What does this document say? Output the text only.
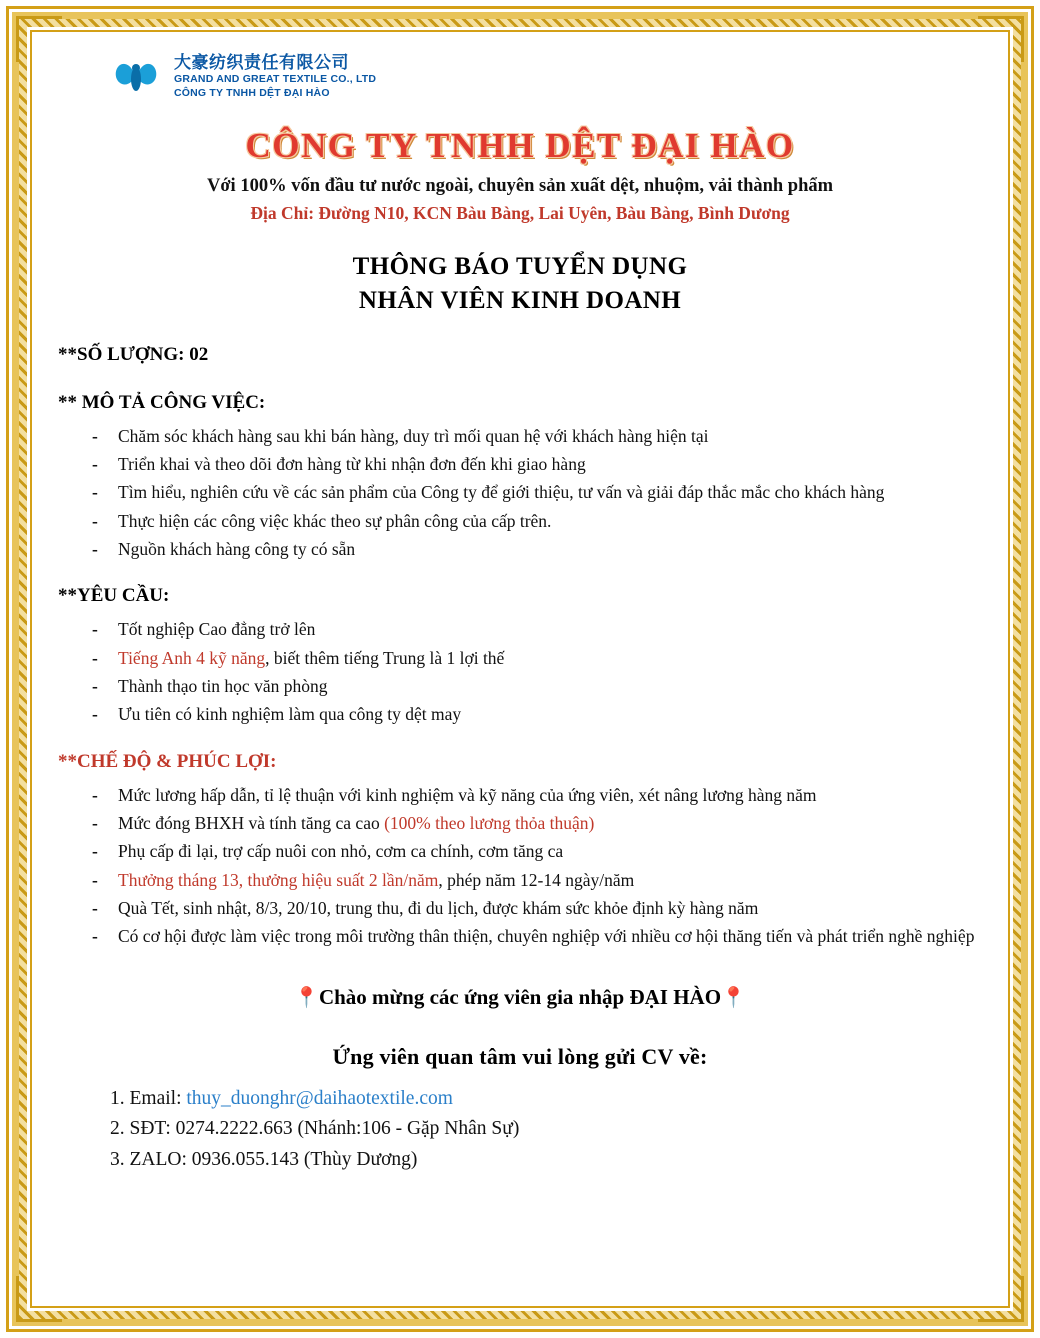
大豪纺织责任有限公司
GRAND AND GREAT TEXTILE CO., LTD
CÔNG TY TNHH DỆT ĐẠI HÀO
CÔNG TY TNHH DỆT ĐẠI HÀO
Với 100% vốn đầu tư nước ngoài, chuyên sản xuất dệt, nhuộm, vải thành phẩm
Địa Chỉ: Đường N10, KCN Bàu Bàng, Lai Uyên, Bàu Bàng, Bình Dương
THÔNG BÁO TUYỂN DỤNG
NHÂN VIÊN KINH DOANH
**SỐ LƯỢNG: 02
** MÔ TẢ CÔNG VIỆC:
- Chăm sóc khách hàng sau khi bán hàng, duy trì mối quan hệ với khách hàng hiện tại
- Triển khai và theo dõi đơn hàng từ khi nhận đơn đến khi giao hàng
- Tìm hiểu, nghiên cứu về các sản phẩm của Công ty để giới thiệu, tư vấn và giải đáp thắc mắc cho khách hàng
- Thực hiện các công việc khác theo sự phân công của cấp trên.
- Nguồn khách hàng công ty có sẵn
**YÊU CẦU:
- Tốt nghiệp Cao đẳng trở lên
- Tiếng Anh 4 kỹ năng, biết thêm tiếng Trung là 1 lợi thế
- Thành thạo tin học văn phòng
- Ưu tiên có kinh nghiệm làm qua công ty dệt may
**CHẾ ĐỘ & PHÚC LỢI:
- Mức lương hấp dẫn, tỉ lệ thuận với kinh nghiệm và kỹ năng của ứng viên, xét nâng lương hàng năm
- Mức đóng BHXH và tính tăng ca cao (100% theo lương thỏa thuận)
- Phụ cấp đi lại, trợ cấp nuôi con nhỏ, cơm ca chính, cơm tăng ca
- Thưởng tháng 13, thưởng hiệu suất 2 lần/năm, phép năm 12-14 ngày/năm
- Quà Tết, sinh nhật, 8/3, 20/10, trung thu, đi du lịch, được khám sức khỏe định kỳ hàng năm
- Có cơ hội được làm việc trong môi trường thân thiện, chuyên nghiệp với nhiều cơ hội thăng tiến và phát triển nghề nghiệp
📍Chào mừng các ứng viên gia nhập ĐẠI HÀO📍
Ứng viên quan tâm vui lòng gửi CV về:
1. Email: thuy_duonghr@daihaotextile.com
2. SĐT: 0274.2222.663 (Nhánh:106 - Gặp Nhân Sự)
3. ZALO: 0936.055.143 (Thùy Dương)
